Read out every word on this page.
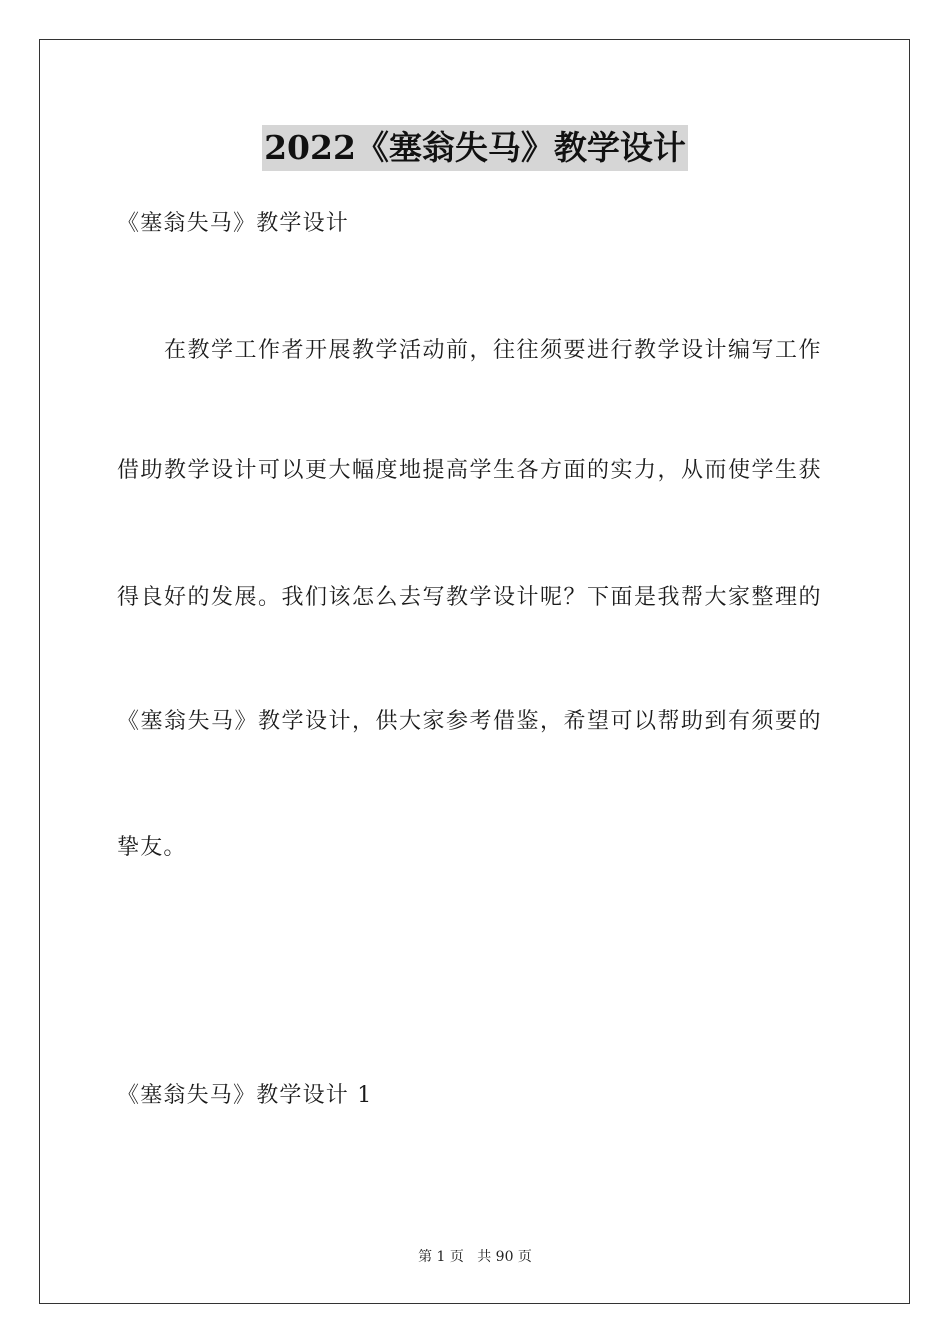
2022《塞翁失马》教学设计
《塞翁失马》教学设计
在教学工作者开展教学活动前，往往须要进行教学设计编写工作
借助教学设计可以更大幅度地提高学生各方面的实力，从而使学生获
得良好的发展。我们该怎么去写教学设计呢？下面是我帮大家整理的
《塞翁失马》教学设计，供大家参考借鉴，希望可以帮助到有须要的
挚友。
《塞翁失马》教学设计 1
第 1 页   共 90 页
